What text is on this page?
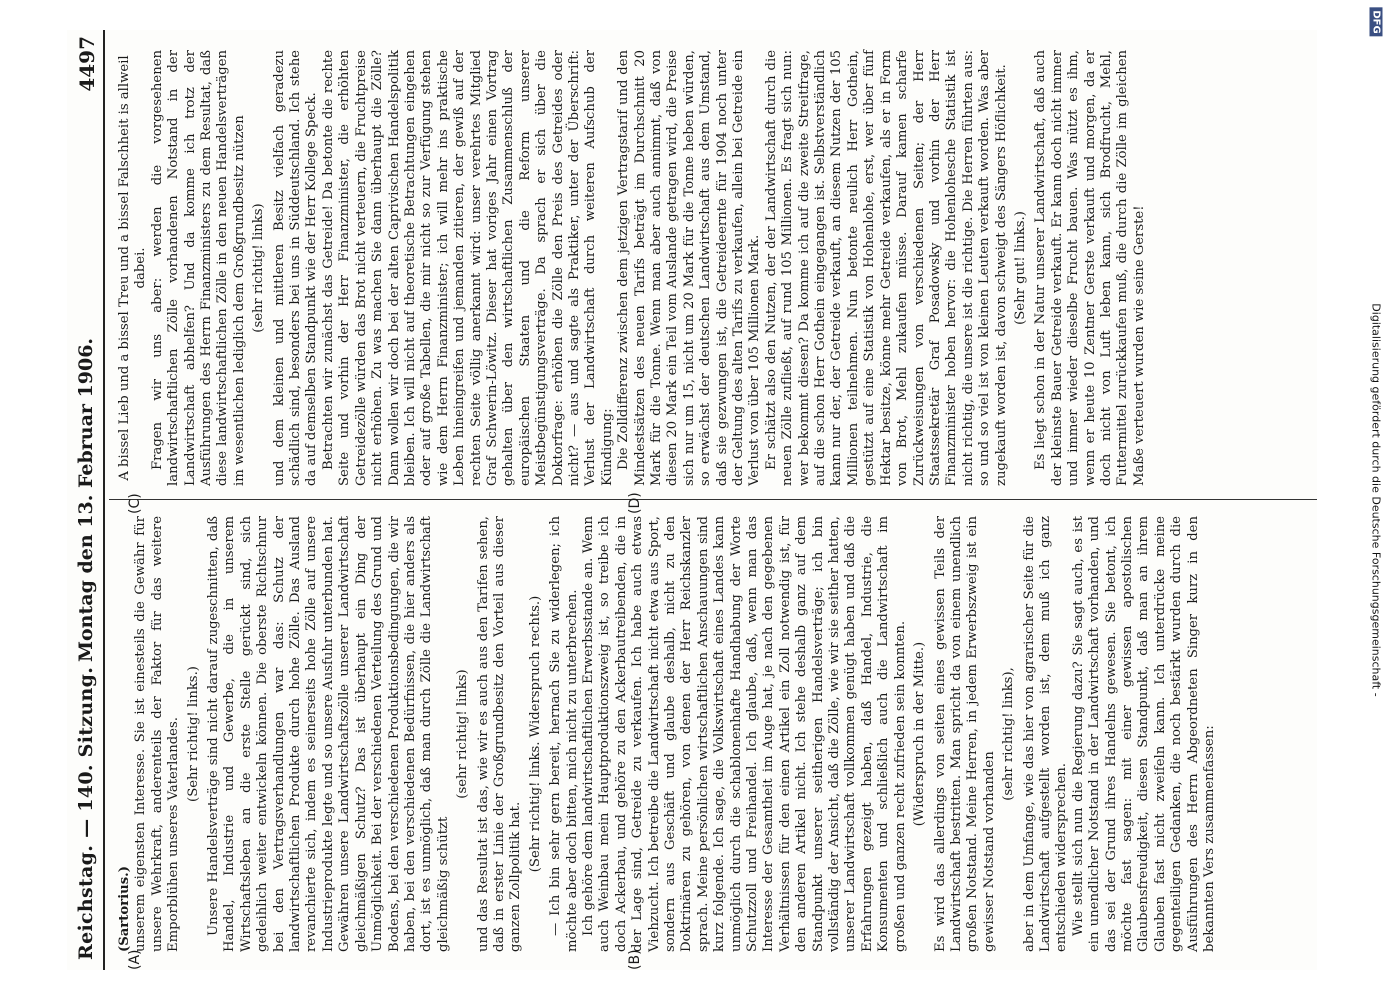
Reichstag. — 140. Sitzung.
Montag den 13. Februar 1906.
4497
(A)	(B)
(C)	(D)
(Sartorius.) unserem eigensten Interesse. Sie ist einesteils die Gewähr für unsere Wehrkraft, anderenteils der Faktor für das weitere Emporblühen unseres Vaterlandes. (Sehr richtig! links.) Unsere Handelsverträge sind nicht darauf zugeschnitten, daß Handel, Industrie und Gewerbe, die in unserem Wirtschaftsleben an die erste Stelle gerückt sind, sich gedeihlich weiter entwickeln können. Die oberste Richtschnur bei den Vertragsverhandlungen war das: Schutz der landwirtschaftlichen Produkte durch hohe Zölle. Das Ausland revanchierte sich, indem es seinerseits hohe Zölle auf unsere Industrieprodukte legte und so unsere Ausfuhr unterbunden hat. Gewähren unsere Landwirtschaftszölle unserer Landwirtschaft gleichmäßigen Schutz? Das ist überhaupt ein Ding der Unmöglichkeit. Bei der verschiedenen Verteilung des Grund und Bodens, bei den verschiedenen Produktionsbedingungen, die wir haben, bei den verschiedenen Bedürfnissen, die hier anders als dort, ist es unmöglich, daß man durch Zölle die Landwirtschaft gleichmäßig schützt

(sehr richtig! links) und das Resultat ist das, wie wir es auch aus den Tarifen sehen, daß in erster Linie der Großgrundbesitz den Vorteil aus dieser ganzen Zollpolitik hat.

(Sehr richtig! links. Widerspruch rechts.) — Ich bin sehr gern bereit, hernach Sie zu widerlegen; ich möchte aber doch bitten, mich nicht zu unterbrechen. Ich gehöre dem landwirtschaftlichen Erwerbsstande an. Wenn auch Weinbau mein Hauptproduktionszweig ist, so treibe ich doch Ackerbau, und gehöre zu den Ackerbautreibenden, die in der Lage sind, Getreide zu verkaufen. Ich habe auch etwas Viehzucht. Ich betreibe die Landwirtschaft nicht etwa aus Sport, sondern aus Geschäft und glaube deshalb, nicht zu den Doktrinären zu gehören, von denen der Herr Reichskanzler sprach. Meine persönlichen wirtschaftlichen Anschauungen sind kurz folgende. Ich sage, die Volkswirtschaft eines Landes kann unmöglich durch die schablonenhafte Handhabung der Worte Schutzzoll und Freihandel. Ich glaube, daß, wenn man das Interesse der Gesamtheit im Auge hat, je nach den gegebenen Verhältnissen für den einen Artikel ein Zoll notwendig ist, für den anderen Artikel nicht. Ich stehe deshalb ganz auf dem Standpunkt unserer seitherigen Handelsverträge; ich bin vollständig der Ansicht, daß die Zölle, wie wir sie seither hatten, unserer Landwirtschaft vollkommen genügt haben und daß die Erfahrungen gezeigt haben, daß Handel, Industrie, die Konsumenten und schließlich auch die Landwirtschaft im großen und ganzen recht zufrieden sein konnten. (Widerspruch in der Mitte.) Es wird das allerdings von seiten eines gewissen Teils der Landwirtschaft bestritten. Man spricht da von einem unendlich großen Notstand. Meine Herren, in jedem Erwerbszweig ist ein gewisser Notstand vorhanden

(sehr richtig! links), aber in dem Umfange, wie das hier von agrarischer Seite für die Landwirtschaft aufgestellt worden ist, dem muß ich ganz entschieden widersprechen. Wie stellt sich nun die Regierung dazu? Sie sagt auch, es ist ein unendlicher Notstand in der Landwirtschaft vorhanden, und das sei der Grund ihres Handelns gewesen. Sie betont, ich möchte fast sagen: mit einer gewissen apostolischen Glaubensfreudigkeit, diesen Standpunkt, daß man an ihrem Glauben fast nicht zweifeln kann. Ich unterdrücke meine gegenteiligen Gedanken, die noch bestärkt wurden durch die Ausführungen des Herrn Abgeordneten Singer kurz in den bekannten Vers zusammenfassen:

A bissel Lieb und a bissel Treu und a bissel Falschheit is allweil dabei. Fragen wir uns aber: werden die vorgesehenen landwirtschaftlichen Zölle vorhandenen Notstand in der Landwirtschaft abhelfen? Und da komme ich trotz der Ausführungen des Herrn Finanzministers zu dem Resultat, daß diese landwirtschaftlichen Zölle in den neuen Handelsverträgen im wesentlichen lediglich dem Großgrundbesitz nützen (sehr richtig! links) und dem kleinen und mittleren Besitz vielfach geradezu schädlich sind, besonders bei uns in Süddeutschland. Ich stehe da auf demselben Standpunkt wie der Herr Kollege Speck. Betrachten wir zunächst das Getreide! Da betonte die rechte Seite und vorhin der Herr Finanzminister, die erhöhten Getreidezölle würden das Brot nicht verteuern, die Fruchtpreise nicht erhöhen. Zu was machen Sie dann überhaupt die Zölle? Dann wollen wir doch bei der alten Caprivischen Handelspolitik bleiben. Ich will nicht auf theoretische Betrachtungen eingehen oder auf große Tabellen, die mir nicht so zur Verfügung stehen wie dem Herrn Finanzminister; ich will mehr ins praktische Leben hineingreifen und jemanden zitieren, der gewiß auf der rechten Seite völlig anerkannt wird: unser verehrtes Mitglied Graf Schwerin-Löwitz. Dieser hat voriges Jahr einen Vortrag gehalten über den wirtschaftlichen Zusammenschluß der europäischen Staaten und die Reform unserer Meistbegünstigungsverträge. Da sprach er sich über die Doktorfrage: erhöhen die Zölle den Preis des Getreides oder nicht? — aus und sagte als Praktiker, unter der Überschrift: Verlust der Landwirtschaft durch weiteren Aufschub der Kündigung: Die Zolldifferenz zwischen dem jetzigen Vertragstarif und den Mindestsätzen des neuen Tarifs beträgt im Durchschnitt 20 Mark für die Tonne. Wenn man aber auch annimmt, daß von diesen 20 Mark ein Teil vom Auslande getragen wird, die Preise sich nur um 15, nicht um 20 Mark für die Tonne heben würden, so erwächst der deutschen Landwirtschaft aus dem Umstand, daß sie gezwungen ist, die Getreideernte für 1904 noch unter der Geltung des alten Tarifs zu verkaufen, allein bei Getreide ein Verlust von über 105 Millionen Mark. Er schätzt also den Nutzen, der der Landwirtschaft durch die neuen Zölle zufließt, auf rund 105 Millionen. Es fragt sich nun: wer bekommt diesen? Da komme ich auf die zweite Streitfrage, auf die schon Herr Gothein eingegangen ist. Selbstverständlich kann nur der, der Getreide verkauft, an diesem Nutzen der 105 Millionen teilnehmen. Nun betonte neulich Herr Gothein, gestützt auf eine Statistik von Hohenlohe, erst, wer über fünf Hektar besitze, könne mehr Getreide verkaufen, als er in Form von Brot, Mehl zukaufen müsse. Darauf kamen scharfe Zurückweisungen von verschiedenen Seiten; der Herr Staatssekretär Graf Posadowsky und vorhin der Herr Finanzminister hoben hervor: die Hohenlohesche Statistik ist nicht richtig, die unsere ist die richtige. Die Herren führten aus: so und so viel ist von kleinen Leuten verkauft worden. Was aber zugekauft worden ist, davon schweigt des Sängers Höflichkeit. (Sehr gut! links.) Es liegt schon in der Natur unserer Landwirtschaft, daß auch der kleinste Bauer Getreide verkauft. Er kann doch nicht immer und immer wieder dieselbe Frucht bauen. Was nützt es ihm, wenn er heute 10 Zentner Gerste verkauft und morgen, da er doch nicht von Luft leben kann, sich Brodfrucht, Mehl, Futtermittel zurückkaufen muß, die durch die Zölle im gleichen Maße verteuert wurden wie seine Gerste!	Digitalisierung gefördert durch die Deutsche Forschungsgemeinschaft -
DFG
